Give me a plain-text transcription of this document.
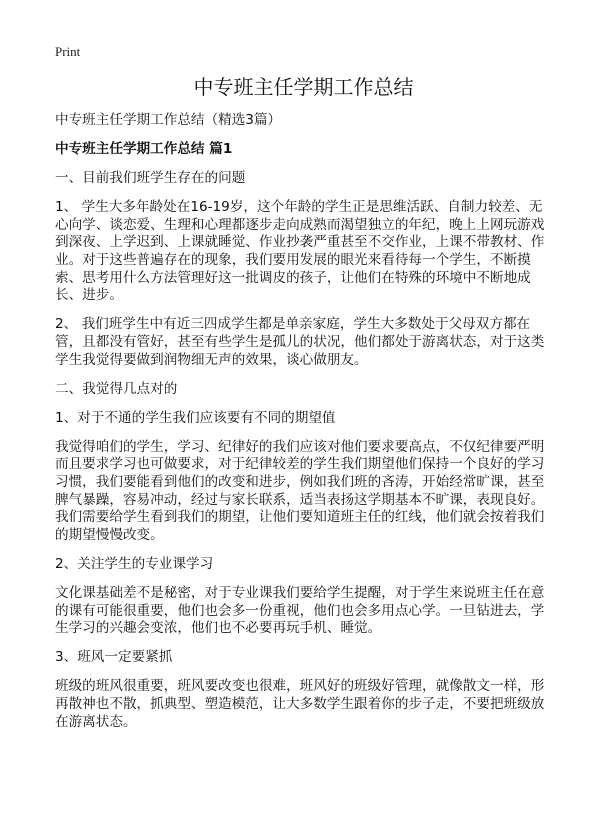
Print
中专班主任学期工作总结

中专班主任学期工作总结（精选3篇）

中专班主任学期工作总结 篇1

一、目前我们班学生存在的问题

1、 学生大多年龄处在16-19岁，这个年龄的学生正是思维活跃、自制力较差、无心向学、谈恋爱、生理和心理都逐步走向成熟而渴望独立的年纪，晚上上网玩游戏到深夜、上学迟到、上课就睡觉、作业抄袭严重甚至不交作业，上课不带教材、作业。对于这些普遍存在的现象，我们要用发展的眼光来看待每一个学生，不断摸索、思考用什么方法管理好这一批调皮的孩子，让他们在特殊的环境中不断地成长、进步。

2、 我们班学生中有近三四成学生都是单亲家庭，学生大多数处于父母双方都在管，且都没有管好，甚至有些学生是孤儿的状况，他们都处于游离状态，对于这类学生我觉得要做到润物细无声的效果，谈心做朋友。

二、我觉得几点对的

1、对于不通的学生我们应该要有不同的期望值

我觉得咱们的学生，学习、纪律好的我们应该对他们要求要高点，不仅纪律要严明而且要求学习也可做要求，对于纪律较差的学生我们期望他们保持一个良好的学习习惯，我们要能看到他们的改变和进步，例如我们班的吝涛，开始经常旷课，甚至脾气暴躁，容易冲动，经过与家长联系，适当表扬这学期基本不旷课，表现良好。我们需要给学生看到我们的期望，让他们要知道班主任的红线，他们就会按着我们的期望慢慢改变。

2、关注学生的专业课学习

文化课基础差不是秘密，对于专业课我们要给学生提醒，对于学生来说班主任在意的课有可能很重要，他们也会多一份重视，他们也会多用点心学。一旦钻进去，学生学习的兴趣会变浓，他们也不必要再玩手机、睡觉。

3、班风一定要紧抓

班级的班风很重要，班风要改变也很难，班风好的班级好管理，就像散文一样，形再散神也不散，抓典型、塑造模范，让大多数学生跟着你的步子走，不要把班级放在游离状态。
